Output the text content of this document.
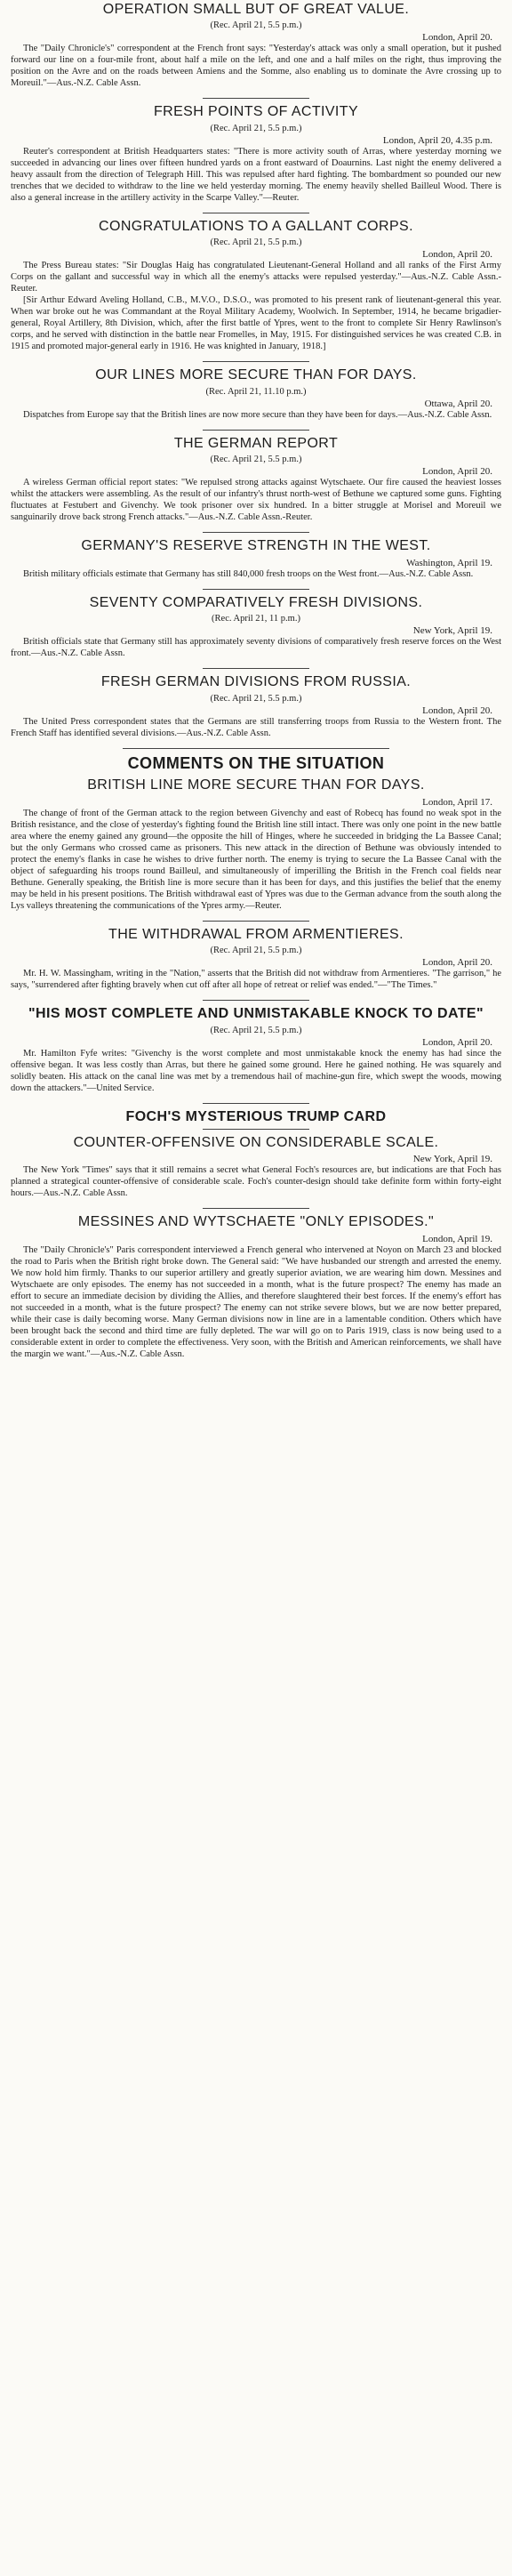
OPERATION SMALL BUT OF GREAT VALUE.
(Rec. April 21, 5.5 p.m.)
London, April 20.

The "Daily Chronicle's" correspondent at the French front says: "Yesterday's attack was only a small operation, but it pushed forward our line on a four-mile front, about half a mile on the left, and one and a half miles on the right, thus improving the position on the Avre and on the roads between Amiens and the Somme, also enabling us to dominate the Avre crossing up to Moreuil."—Aus.-N.Z. Cable Assn.

FRESH POINTS OF ACTIVITY
(Rec. April 21, 5.5 p.m.)
London, April 20, 4.35 p.m.

Reuter's correspondent at British Headquarters states: "There is more activity south of Arras, where yesterday morning we succeeded in advancing our lines over fifteen hundred yards on a front eastward of Doaurnins. Last night the enemy delivered a heavy assault from the direction of Telegraph Hill. This was repulsed after hard fighting. The bombardment so pounded our new trenches that we decided to withdraw to the line we held yesterday morning. The enemy heavily shelled Bailleul Wood. There is also a general increase in the artillery activity in the Scarpe Valley."—Reuter.

CONGRATULATIONS TO A GALLANT CORPS.
(Rec. April 21, 5.5 p.m.)
London, April 20.

The Press Bureau states: "Sir Douglas Haig has congratulated Lieutenant-General Holland and all ranks of the First Army Corps on the gallant and successful way in which all the enemy's attacks were repulsed yesterday."—Aus.-N.Z. Cable Assn.-Reuter.

[Sir Arthur Edward Aveling Holland, C.B., M.V.O., D.S.O., was promoted to his present rank of lieutenant-general this year. When war broke out he was Commandant at the Royal Military Academy, Woolwich. In September, 1914, he became brigadier-general, Royal Artillery, 8th Division, which, after the first battle of Ypres, went to the front to complete Sir Henry Rawlinson's corps, and he served with distinction in the battle near Fromelles, in May, 1915. For distinguished services he was created C.B. in 1915 and promoted major-general early in 1916. He was knighted in January, 1918.]

OUR LINES MORE SECURE THAN FOR DAYS.
(Rec. April 21, 11.10 p.m.)
Ottawa, April 20.

Dispatches from Europe say that the British lines are now more secure than they have been for days.—Aus.-N.Z. Cable Assn.

THE GERMAN REPORT
(Rec. April 21, 5.5 p.m.)
London, April 20.

A wireless German official report states: "We repulsed strong attacks against Wytschaete. Our fire caused the heaviest losses whilst the attackers were assembling. As the result of our infantry's thrust north-west of Bethune we captured some guns. Fighting fluctuates at Festubert and Givenchy. We took prisoner over six hundred. In a bitter struggle at Morisel and Moreuil we sanguinarily drove back strong French attacks."—Aus.-N.Z. Cable Assn.-Reuter.

GERMANY'S RESERVE STRENGTH IN THE WEST.
Washington, April 19.

British military officials estimate that Germany has still 840,000 fresh troops on the West front.—Aus.-N.Z. Cable Assn.

SEVENTY COMPARATIVELY FRESH DIVISIONS.
(Rec. April 21, 11 p.m.)
New York, April 19.

British officials state that Germany still has approximately seventy divisions of comparatively fresh reserve forces on the West front.—Aus.-N.Z. Cable Assn.

FRESH GERMAN DIVISIONS FROM RUSSIA.
(Rec. April 21, 5.5 p.m.)
London, April 20.

The United Press correspondent states that the Germans are still transferring troops from Russia to the Western front. The French Staff has identified several divisions.—Aus.-N.Z. Cable Assn.

COMMENTS ON THE SITUATION
BRITISH LINE MORE SECURE THAN FOR DAYS.
London, April 17.

The change of front of the German attack to the region between Givenchy and east of Robecq has found no weak spot in the British resistance, and the close of yesterday's fighting found the British line still intact. There was only one point in the new battle area where the enemy gained any ground—the opposite the hill of Hinges, where he succeeded in bridging the La Bassee Canal; but the only Germans who crossed came as prisoners. This new attack in the direction of Bethune was obviously intended to protect the enemy's flanks in case he wishes to drive further north. The enemy is trying to secure the La Bassee Canal with the object of safeguarding his troops round Bailleul, and simultaneously of imperilling the British in the French coal fields near Bethune. Generally speaking, the British line is more secure than it has been for days, and this justifies the belief that the enemy may be held in his present positions. The British withdrawal east of Ypres was due to the German advance from the south along the Lys valleys threatening the communications of the Ypres army.—Reuter.

THE WITHDRAWAL FROM ARMENTIERES.
(Rec. April 21, 5.5 p.m.)
London, April 20.

Mr. H. W. Massingham, writing in the "Nation," asserts that the British did not withdraw from Armentieres. "The garrison," he says, "surrendered after fighting bravely when cut off after all hope of retreat or relief was ended."—"The Times."

"HIS MOST COMPLETE AND UNMISTAKABLE KNOCK TO DATE"
(Rec. April 21, 5.5 p.m.)
London, April 20.

Mr. Hamilton Fyfe writes: "Givenchy is the worst complete and most unmistakable knock the enemy has had since the offensive began. It was less costly than Arras, but there he gained some ground. Here he gained nothing. He was squarely and solidly beaten. His attack on the canal line was met by a tremendous hail of machine-gun fire, which swept the woods, mowing down the attackers."—United Service.

FOCH'S MYSTERIOUS TRUMP CARD
COUNTER-OFFENSIVE ON CONSIDERABLE SCALE.
New York, April 19.

The New York "Times" says that it still remains a secret what General Foch's resources are, but indications are that Foch has planned a strategical counter-offensive of considerable scale. Foch's counter-design should take definite form within forty-eight hours.—Aus.-N.Z. Cable Assn.

MESSINES AND WYTSCHAETE "ONLY EPISODES."
London, April 19.

The "Daily Chronicle's" Paris correspondent interviewed a French general who intervened at Noyon on March 23 and blocked the road to Paris when the British right broke down. The General said: "We have husbanded our strength and arrested the enemy. We now hold him firmly. Thanks to our superior artillery and greatly superior aviation, we are wearing him down. Messines and Wytschaete are only episodes. The enemy has not succeeded in a month, what is the future prospect? The enemy has made an effort to secure an immediate decision by dividing the Allies, and therefore slaughtered their best forces. If the enemy's effort has not succeeded in a month, what is the future prospect? The enemy can not strike severe blows, but we are now better prepared, while their case is daily becoming worse. Many German divisions now in line are in a lamentable condition. Others which have been brought back the second and third time are fully depleted. The war will go on to Paris 1919, class is now being used to a considerable extent in order to complete the effectiveness. Very soon, with the British and American reinforcements, we shall have the margin we want."—Aus.-N.Z. Cable Assn.
